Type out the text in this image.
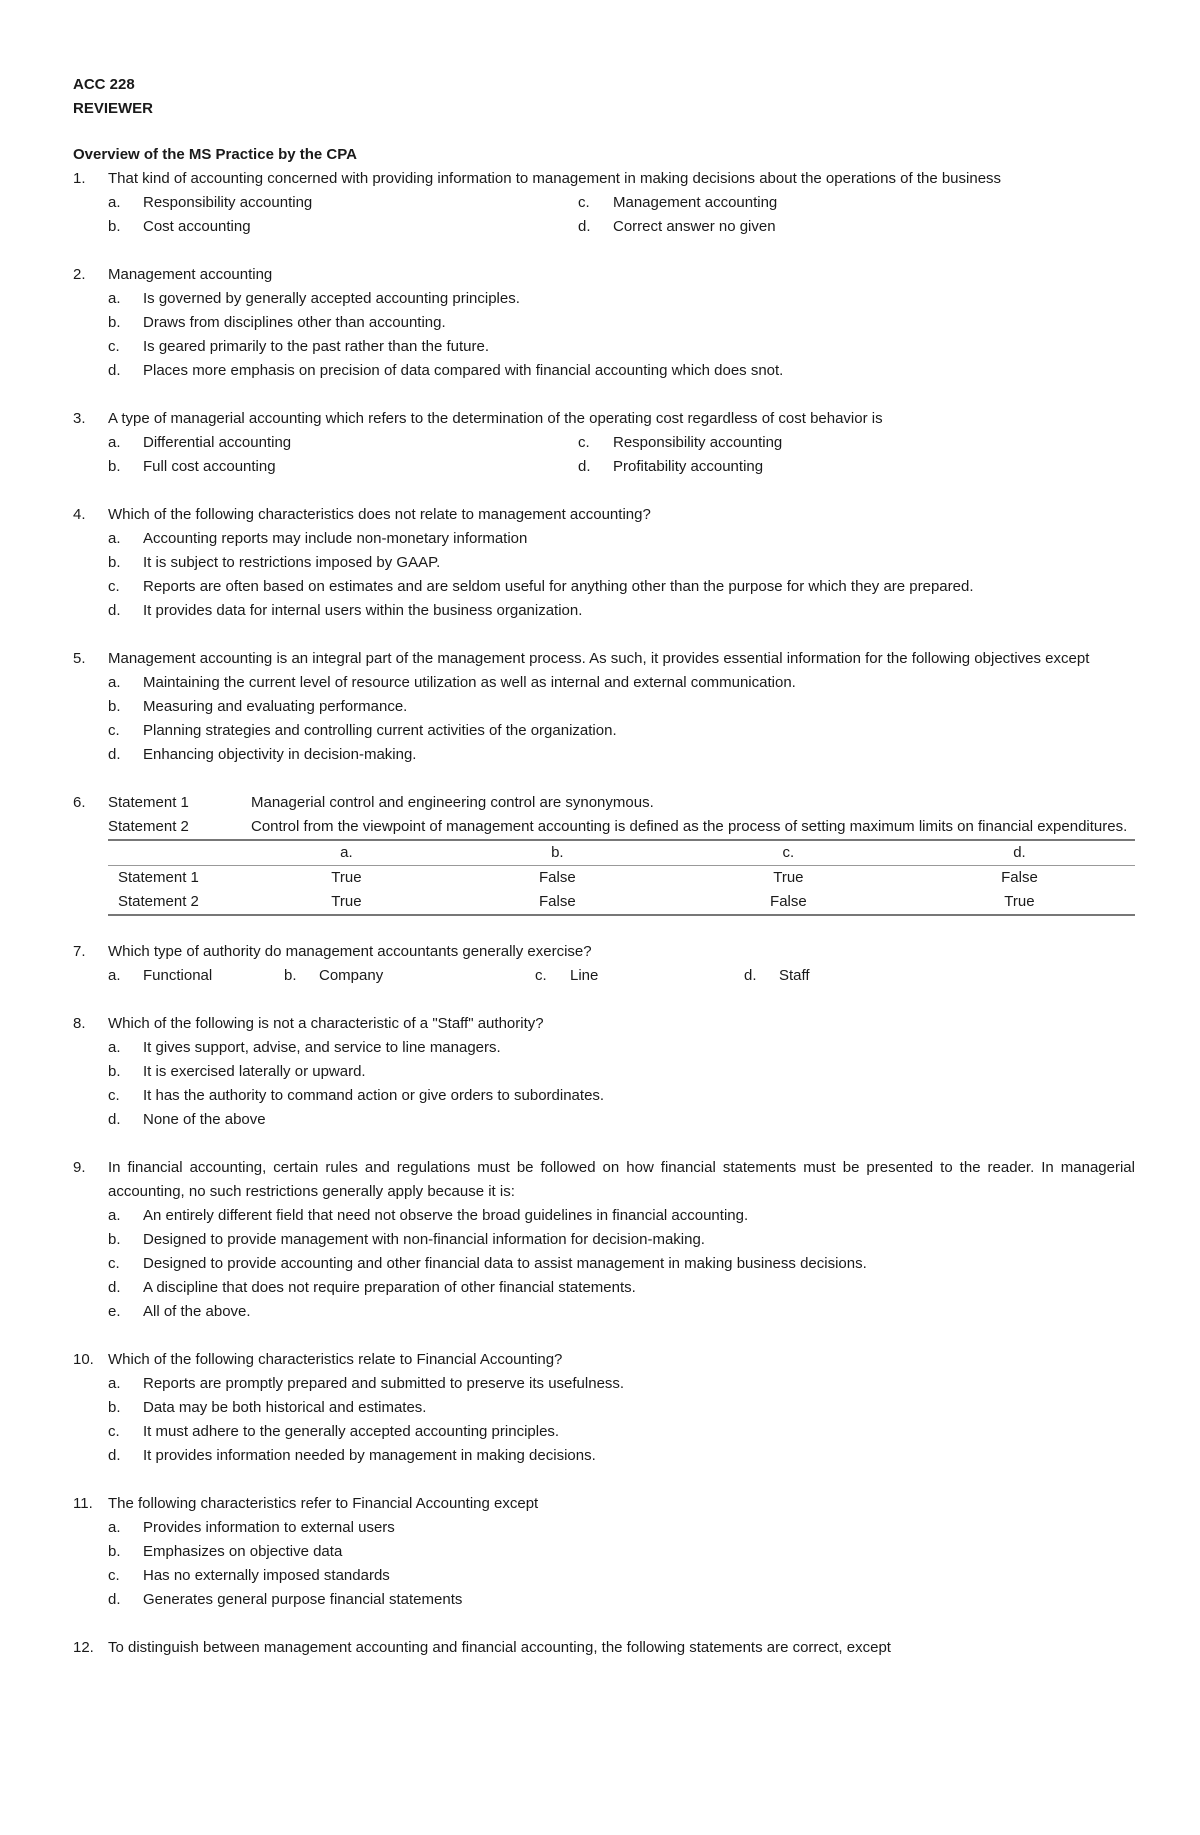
ACC 228
REVIEWER
Overview of the MS Practice by the CPA
1.	That kind of accounting concerned with providing information to management in making decisions about the operations of the business
a.	Responsibility accounting	c.	Management accounting
b.	Cost accounting	d.	Correct answer no given
2.	Management accounting
a.	Is governed by generally accepted accounting principles.
b.	Draws from disciplines other than accounting.
c.	Is geared primarily to the past rather than the future.
d.	Places more emphasis on precision of data compared with financial accounting which does snot.
3.	A type of managerial accounting which refers to the determination of the operating cost regardless of cost behavior is
a.	Differential accounting	c.	Responsibility accounting
b.	Full cost accounting	d.	Profitability accounting
4.	Which of the following characteristics does not relate to management accounting?
a.	Accounting reports may include non-monetary information
b.	It is subject to restrictions imposed by GAAP.
c.	Reports are often based on estimates and are seldom useful for anything other than the purpose for which they are prepared.
d.	It provides data for internal users within the business organization.
5.	Management accounting is an integral part of the management process. As such, it provides essential information for the following objectives except
a.	Maintaining the current level of resource utilization as well as internal and external communication.
b.	Measuring and evaluating performance.
c.	Planning strategies and controlling current activities of the organization.
d.	Enhancing objectivity in decision-making.
6.	Statement 1	Managerial control and engineering control are synonymous.
Statement 2	Control from the viewpoint of management accounting is defined as the process of setting maximum limits on financial expenditures.
	a.	b.	c.	d.
Statement 1	True	False	True	False
Statement 2	True	False	False	True
7.	Which type of authority do management accountants generally exercise?
a.	Functional	b.	Company	c.	Line	d.	Staff
8.	Which of the following is not a characteristic of a "Staff" authority?
a.	It gives support, advise, and service to line managers.
b.	It is exercised laterally or upward.
c.	It has the authority to command action or give orders to subordinates.
d.	None of the above
9.	In financial accounting, certain rules and regulations must be followed on how financial statements must be presented to the reader. In managerial accounting, no such restrictions generally apply because it is:
a.	An entirely different field that need not observe the broad guidelines in financial accounting.
b.	Designed to provide management with non-financial information for decision-making.
c.	Designed to provide accounting and other financial data to assist management in making business decisions.
d.	A discipline that does not require preparation of other financial statements.
e.	All of the above.
10. Which of the following characteristics relate to Financial Accounting?
a.	Reports are promptly prepared and submitted to preserve its usefulness.
b.	Data may be both historical and estimates.
c.	It must adhere to the generally accepted accounting principles.
d.	It provides information needed by management in making decisions.
11.	The following characteristics refer to Financial Accounting except
a.	Provides information to external users
b.	Emphasizes on objective data
c.	Has no externally imposed standards
d.	Generates general purpose financial statements
12. To distinguish between management accounting and financial accounting, the following statements are correct, except
